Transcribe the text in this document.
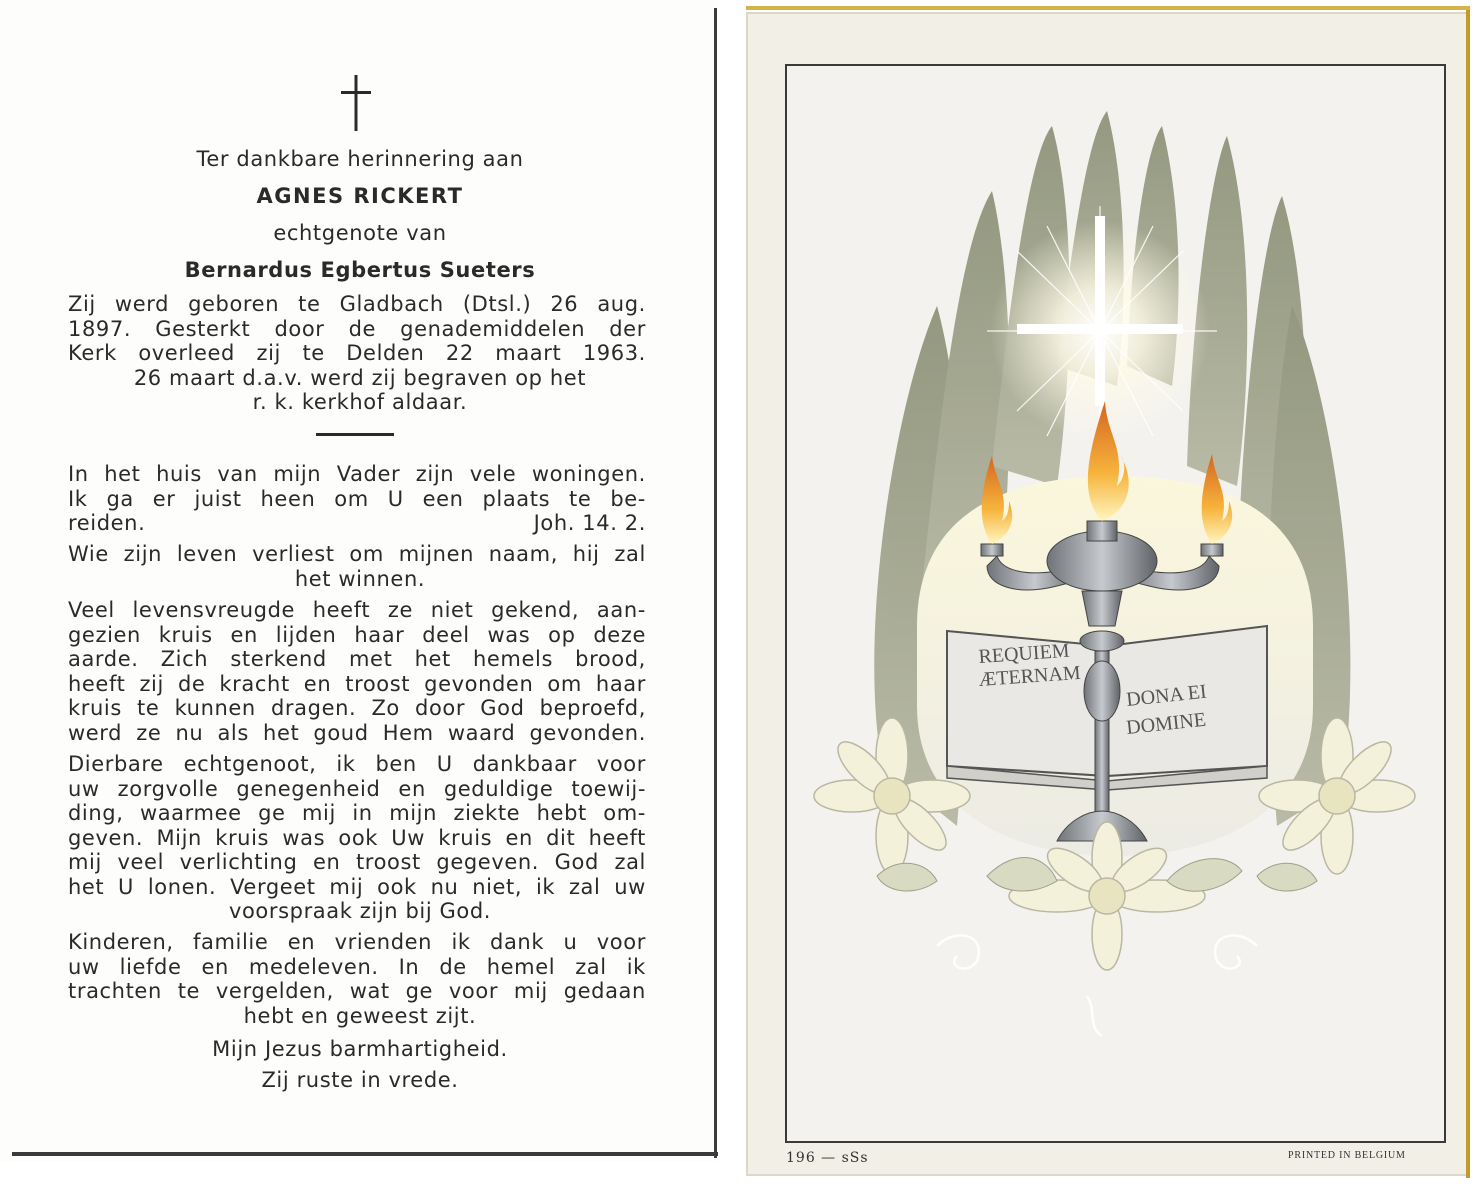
Ter dankbare herinnering aan
AGNES RICKERT
echtgenote van
Bernardus Egbertus Sueters
Zij werd geboren te Gladbach (Dtsl.) 26 aug.
1897. Gesterkt door de genademiddelen der
Kerk overleed zij te Delden 22 maart 1963.
26 maart d.a.v. werd zij begraven op het
r. k. kerkhof aldaar.
In het huis van mijn Vader zijn vele woningen.
Ik ga er juist heen om U een plaats te be-
reiden.	Joh. 14. 2.
Wie zijn leven verliest om mijnen naam, hij zal
het winnen.
Veel levensvreugde heeft ze niet gekend, aan-
gezien kruis en lijden haar deel was op deze
aarde. Zich sterkend met het hemels brood,
heeft zij de kracht en troost gevonden om haar
kruis te kunnen dragen. Zo door God beproefd,
werd ze nu als het goud Hem waard gevonden.
Dierbare echtgenoot, ik ben U dankbaar voor
uw zorgvolle genegenheid en geduldige toewij-
ding, waarmee ge mij in mijn ziekte hebt om-
geven. Mijn kruis was ook Uw kruis en dit heeft
mij veel verlichting en troost gegeven. God zal
het U lonen. Vergeet mij ook nu niet, ik zal uw
voorspraak zijn bij God.
Kinderen, familie en vrienden ik dank u voor
uw liefde en medeleven. In de hemel zal ik
trachten te vergelden, wat ge voor mij gedaan
hebt en geweest zijt.
Mijn Jezus barmhartigheid.
Zij ruste in vrede.
REQUIEM
ÆTERNAM
DONA EI
DOMINE
196 — sSs	PRINTED IN BELGIUM
